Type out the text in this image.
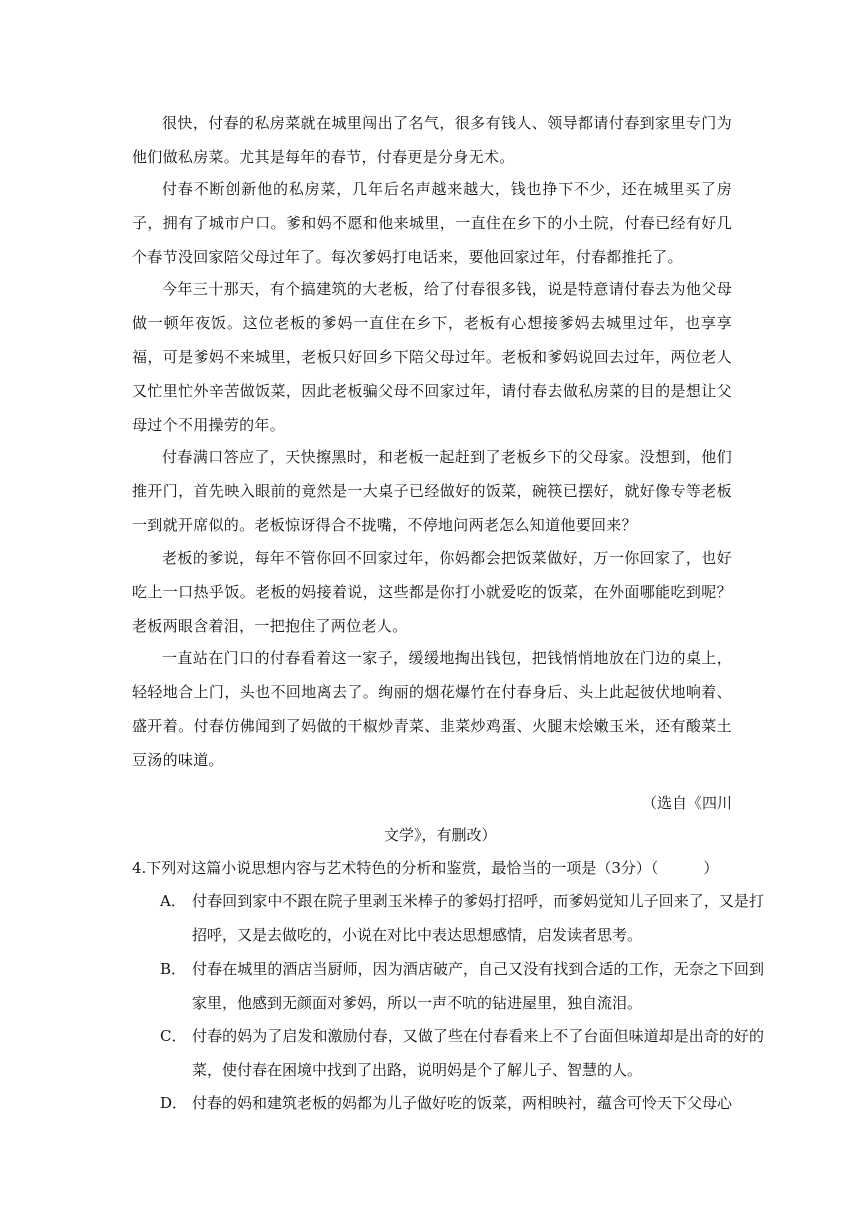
很快，付春的私房菜就在城里闯出了名气，很多有钱人、领导都请付春到家里专门为他们做私房菜。尤其是每年的春节，付春更是分身无术。

付春不断创新他的私房菜，几年后名声越来越大，钱也挣下不少，还在城里买了房子，拥有了城市户口。爹和妈不愿和他来城里，一直住在乡下的小土院，付春已经有好几个春节没回家陪父母过年了。每次爹妈打电话来，要他回家过年，付春都推托了。

今年三十那天，有个搞建筑的大老板，给了付春很多钱，说是特意请付春去为他父母做一顿年夜饭。这位老板的爹妈一直住在乡下，老板有心想接爹妈去城里过年，也享享福，可是爹妈不来城里，老板只好回乡下陪父母过年。老板和爹妈说回去过年，两位老人又忙里忙外辛苦做饭菜，因此老板骗父母不回家过年，请付春去做私房菜的目的是想让父母过个不用操劳的年。

付春满口答应了，天快擦黑时，和老板一起赶到了老板乡下的父母家。没想到，他们推开门，首先映入眼前的竟然是一大桌子已经做好的饭菜，碗筷已摆好，就好像专等老板一到就开席似的。老板惊讶得合不拢嘴，不停地问两老怎么知道他要回来？

老板的爹说，每年不管你回不回家过年，你妈都会把饭菜做好，万一你回家了，也好吃上一口热乎饭。老板的妈接着说，这些都是你打小就爱吃的饭菜，在外面哪能吃到呢？老板两眼含着泪，一把抱住了两位老人。

一直站在门口的付春看着这一家子，缓缓地掏出钱包，把钱悄悄地放在门边的桌上，轻轻地合上门，头也不回地离去了。绚丽的烟花爆竹在付春身后、头上此起彼伏地响着、盛开着。付春仿佛闻到了妈做的干椒炒青菜、韭菜炒鸡蛋、火腿末烩嫩玉米，还有酸菜土豆汤的味道。

（选自《四川

文学》，有删改）

4.下列对这篇小说思想内容与艺术特色的分析和鉴赏，最恰当的一项是（3分）（　　　）

A． 付春回到家中不跟在院子里剥玉米棒子的爹妈打招呼，而爹妈觉知儿子回来了，又是打招呼，又是去做吃的，小说在对比中表达思想感情，启发读者思考。

B． 付春在城里的酒店当厨师，因为酒店破产，自己又没有找到合适的工作，无奈之下回到家里，他感到无颜面对爹妈，所以一声不吭的钻进屋里，独自流泪。

C． 付春的妈为了启发和激励付春，又做了些在付春看来上不了台面但味道却是出奇的好的菜，使付春在困境中找到了出路，说明妈是个了解儿子、智慧的人。

D． 付春的妈和建筑老板的妈都为儿子做好吃的饭菜，两相映衬，蕴含可怜天下父母心
